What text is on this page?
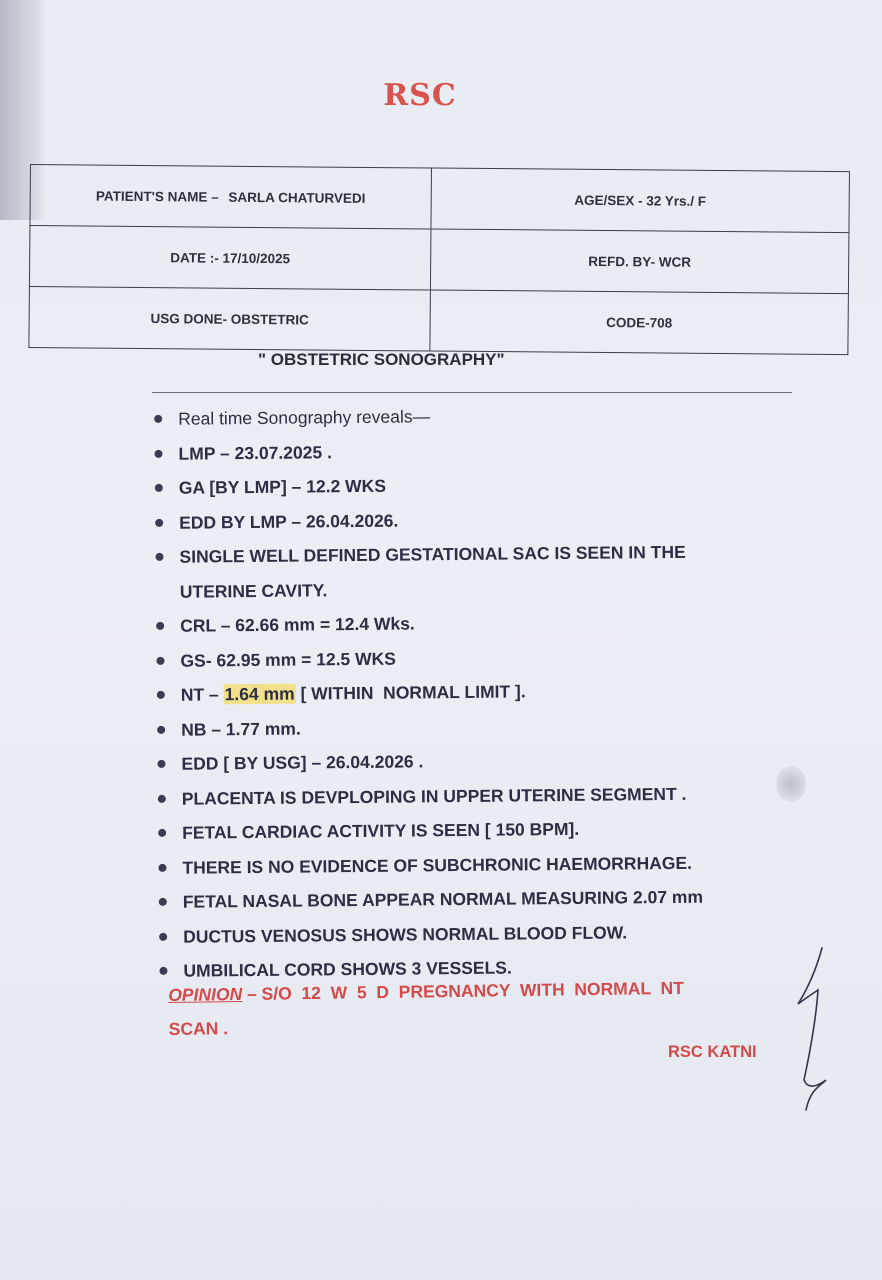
RSC
PATIENT'S NAME – SARLA CHATURVEDI	AGE/SEX - 32 Yrs./ F
DATE :- 17/10/2025	REFD. BY- WCR
USG DONE- OBSTETRIC	CODE-708
" OBSTETRIC SONOGRAPHY"
Real time Sonography reveals—
LMP – 23.07.2025 .
GA [BY LMP] – 12.2 WKS
EDD BY LMP – 26.04.2026.
SINGLE WELL DEFINED GESTATIONAL SAC IS SEEN IN THE
UTERINE CAVITY.
CRL – 62.66 mm = 12.4 Wks.
GS- 62.95 mm = 12.5 WKS
NT – 1.64 mm [ WITHIN  NORMAL LIMIT ].
NB – 1.77 mm.
EDD [ BY USG] – 26.04.2026 .
PLACENTA IS DEVPLOPING IN UPPER UTERINE SEGMENT .
FETAL CARDIAC ACTIVITY IS SEEN [ 150 BPM].
THERE IS NO EVIDENCE OF SUBCHRONIC HAEMORRHAGE.
FETAL NASAL BONE APPEAR NORMAL MEASURING 2.07 mm
DUCTUS VENOSUS SHOWS NORMAL BLOOD FLOW.
UMBILICAL CORD SHOWS 3 VESSELS.
OPINION – S/O  12  W  5  D  PREGNANCY  WITH  NORMAL  NT
SCAN .
RSC KATNI
